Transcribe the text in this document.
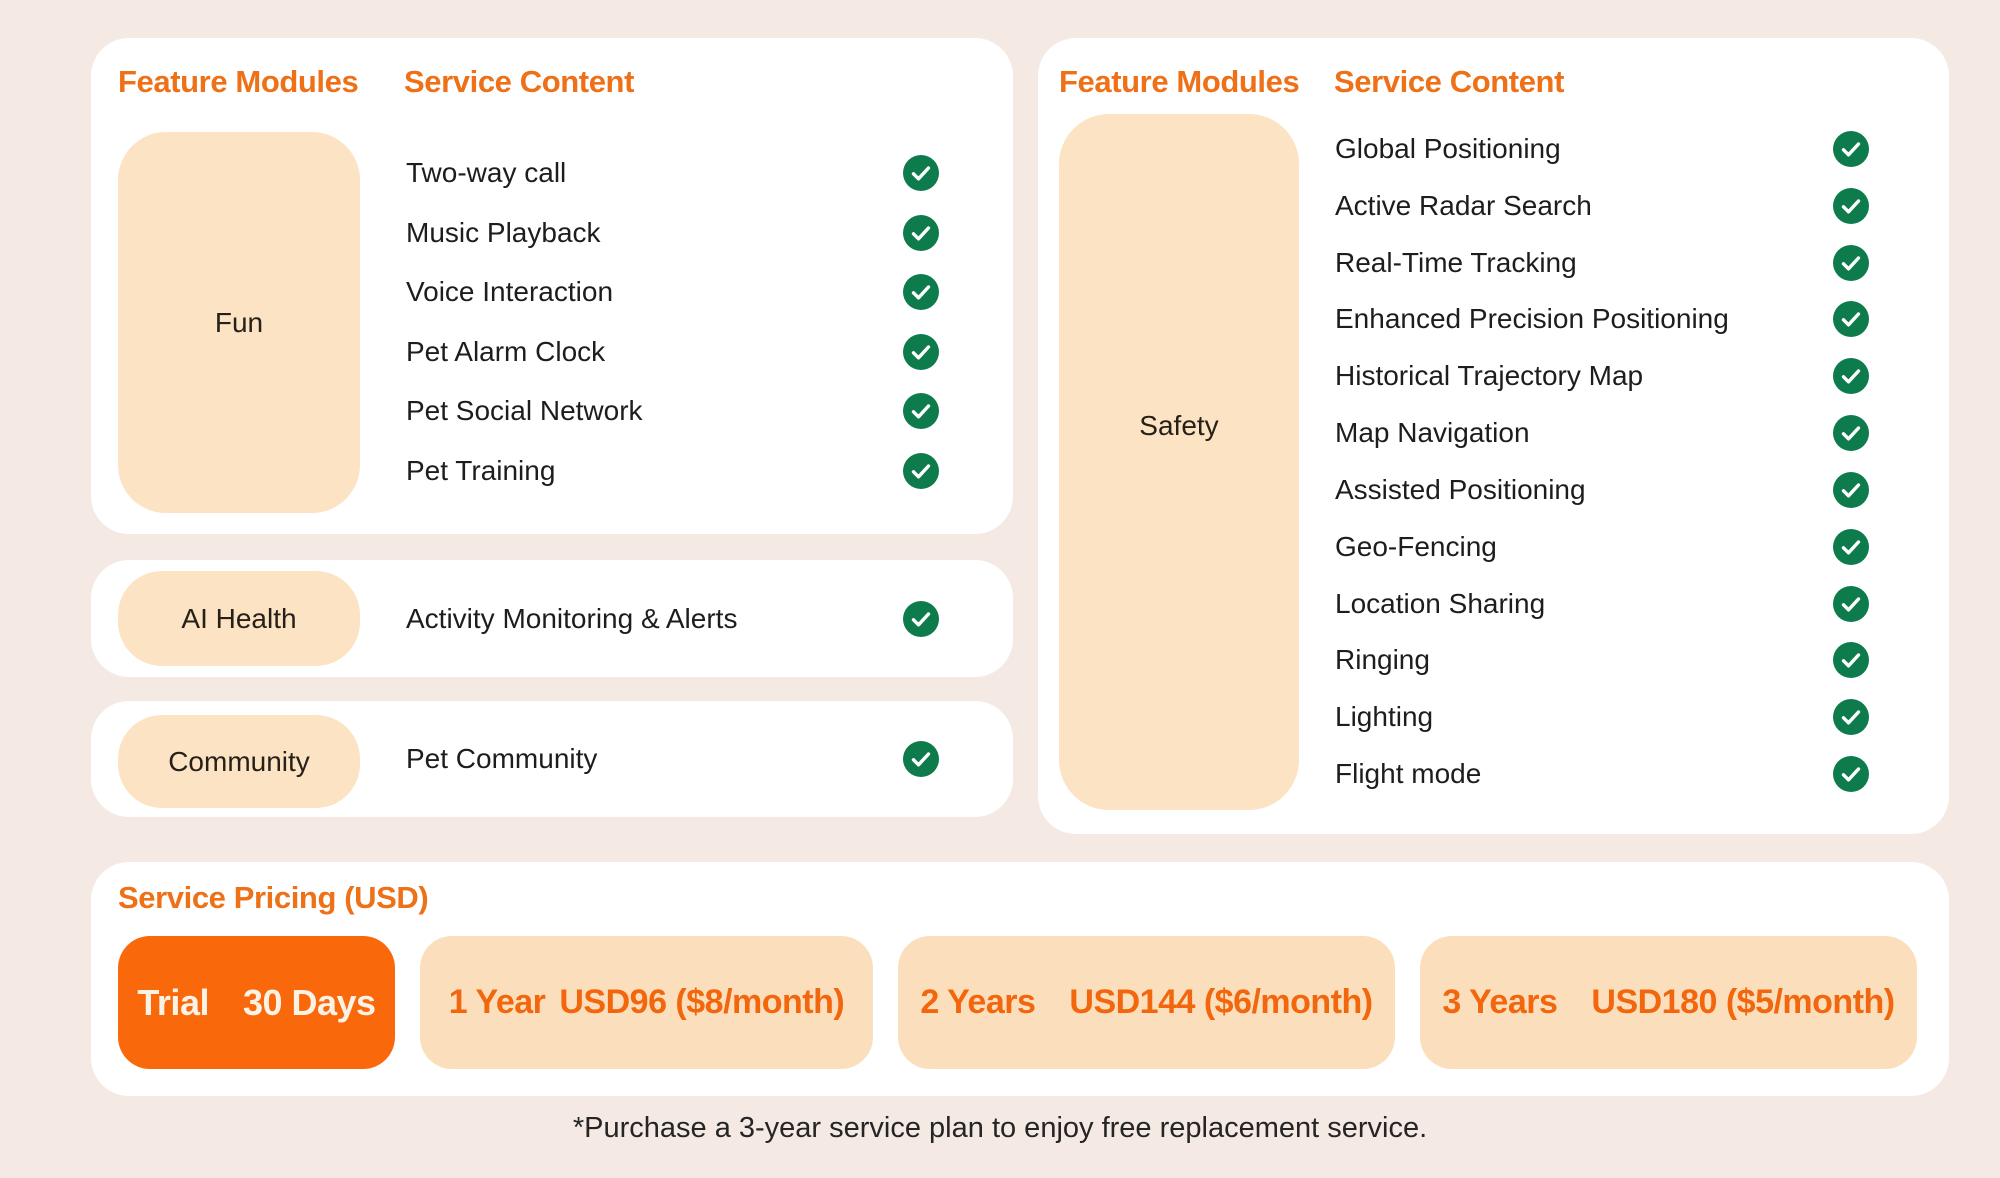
Feature Modules Service Content
Fun
Two-way call
Music Playback
Voice Interaction
Pet Alarm Clock
Pet Social Network
Pet Training
AI Health	Activity Monitoring & Alerts
Community	Pet Community
Feature Modules Service Content
Safety
Global Positioning
Active Radar Search
Real-Time Tracking
Enhanced Precision Positioning
Historical Trajectory Map
Map Navigation
Assisted Positioning
Geo-Fencing
Location Sharing
Ringing
Lighting
Flight mode
Service Pricing (USD)
Trial 30 Days 1 Year USD96 ($8/month) 2 Years USD144 ($6/month) 3 Years USD180 ($5/month)
*Purchase a 3-year service plan to enjoy free replacement service.
